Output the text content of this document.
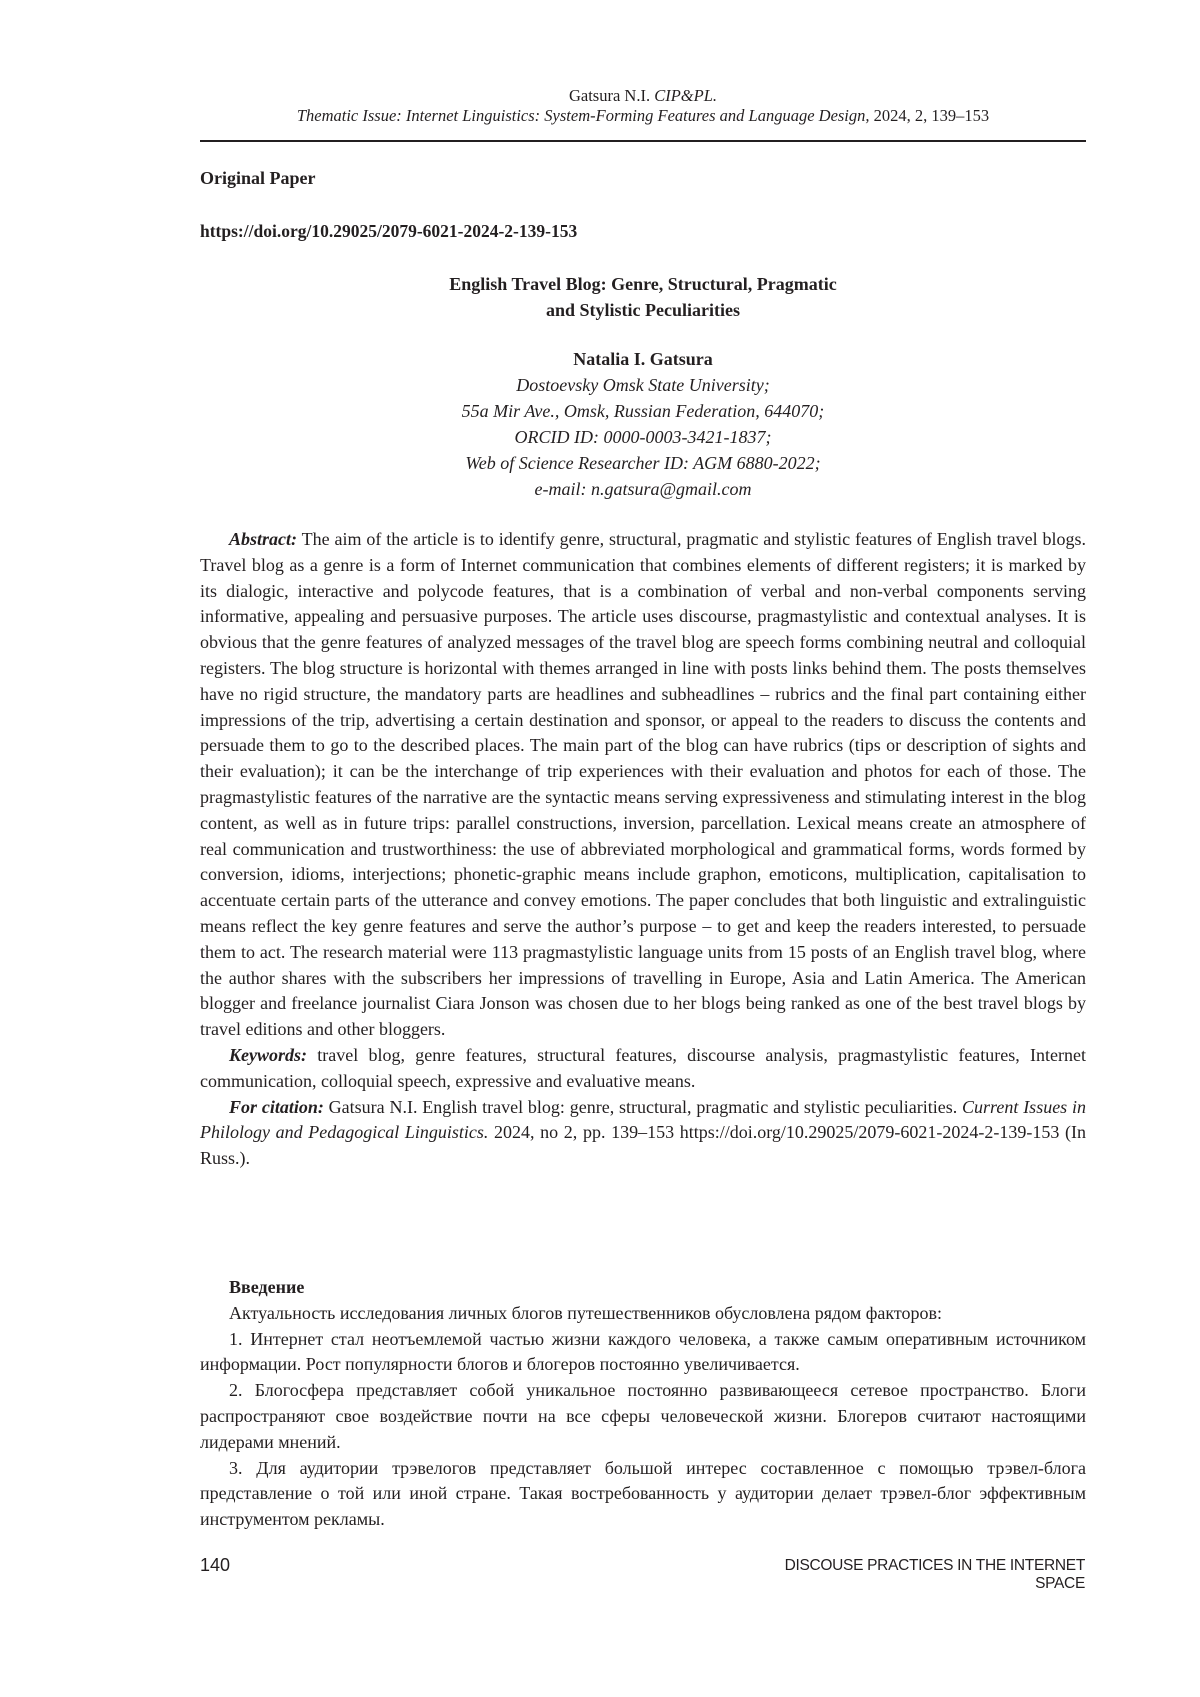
Gatsura N.I. CIP&PL.
Thematic Issue: Internet Linguistics: System-Forming Features and Language Design, 2024, 2, 139–153
Original Paper
https://doi.org/10.29025/2079-6021-2024-2-139-153
English Travel Blog: Genre, Structural, Pragmatic
and Stylistic Peculiarities
Natalia I. Gatsura
Dostoevsky Omsk State University;
55a Mir Ave., Omsk, Russian Federation, 644070;
ORCID ID: 0000-0003-3421-1837;
Web of Science Researcher ID: AGM 6880-2022;
e-mail: n.gatsura@gmail.com

Abstract: The aim of the article is to identify genre, structural, pragmatic and stylistic features of English travel blogs. Travel blog as a genre is a form of Internet communication that combines elements of different registers; it is marked by its dialogic, interactive and polycode features, that is a combination of verbal and non-verbal components serving informative, appealing and persuasive purposes. The article uses discourse, pragmastylistic and contextual analyses. It is obvious that the genre features of analyzed messages of the travel blog are speech forms combining neutral and colloquial registers. The blog structure is horizontal with themes arranged in line with posts links behind them. The posts themselves have no rigid structure, the mandatory parts are headlines and subheadlines – rubrics and the final part containing either impressions of the trip, advertising a certain destination and sponsor, or appeal to the readers to discuss the contents and persuade them to go to the described places. The main part of the blog can have rubrics (tips or description of sights and their evaluation); it can be the interchange of trip experiences with their evaluation and photos for each of those. The pragmastylistic features of the narrative are the syntactic means serving expressiveness and stimulating interest in the blog content, as well as in future trips: parallel constructions, inversion, parcellation. Lexical means create an atmosphere of real communication and trustworthiness: the use of abbreviated morphological and grammatical forms, words formed by conversion, idioms, interjections; phonetic-graphic means include graphon, emoticons, multiplication, capitalisation to accentuate certain parts of the utterance and convey emotions. The paper concludes that both linguistic and extralinguistic means reflect the key genre features and serve the author’s purpose – to get and keep the readers interested, to persuade them to act. The research material were 113 pragmastylistic language units from 15 posts of an English travel blog, where the author shares with the subscribers her impressions of travelling in Europe, Asia and Latin America. The American blogger and freelance journalist Ciara Jonson was chosen due to her blogs being ranked as one of the best travel blogs by travel editions and other bloggers.

Keywords: travel blog, genre features, structural features, discourse analysis, pragmastylistic features, Internet communication, colloquial speech, expressive and evaluative means.

For citation: Gatsura N.I. English travel blog: genre, structural, pragmatic and stylistic peculiarities. Current Issues in Philology and Pedagogical Linguistics. 2024, no 2, pp. 139–153 https://doi.org/10.29025/2079-6021-2024-2-139-153 (In Russ.).

Введение

Актуальность исследования личных блогов путешественников обусловлена рядом факторов:

1. Интернет стал неотъемлемой частью жизни каждого человека, а также самым оперативным источником информации. Рост популярности блогов и блогеров постоянно увеличивается.

2. Блогосфера представляет собой уникальное постоянно развивающееся сетевое пространство. Блоги распространяют свое воздействие почти на все сферы человеческой жизни. Блогеров считают настоящими лидерами мнений.

3. Для аудитории трэвелогов представляет большой интерес составленное с помощью трэвел-блога представление о той или иной стране. Такая востребованность у аудитории делает трэвел-блог эффективным инструментом рекламы.

140	DISCOUSE PRACTICES IN THE INTERNET SPACE
